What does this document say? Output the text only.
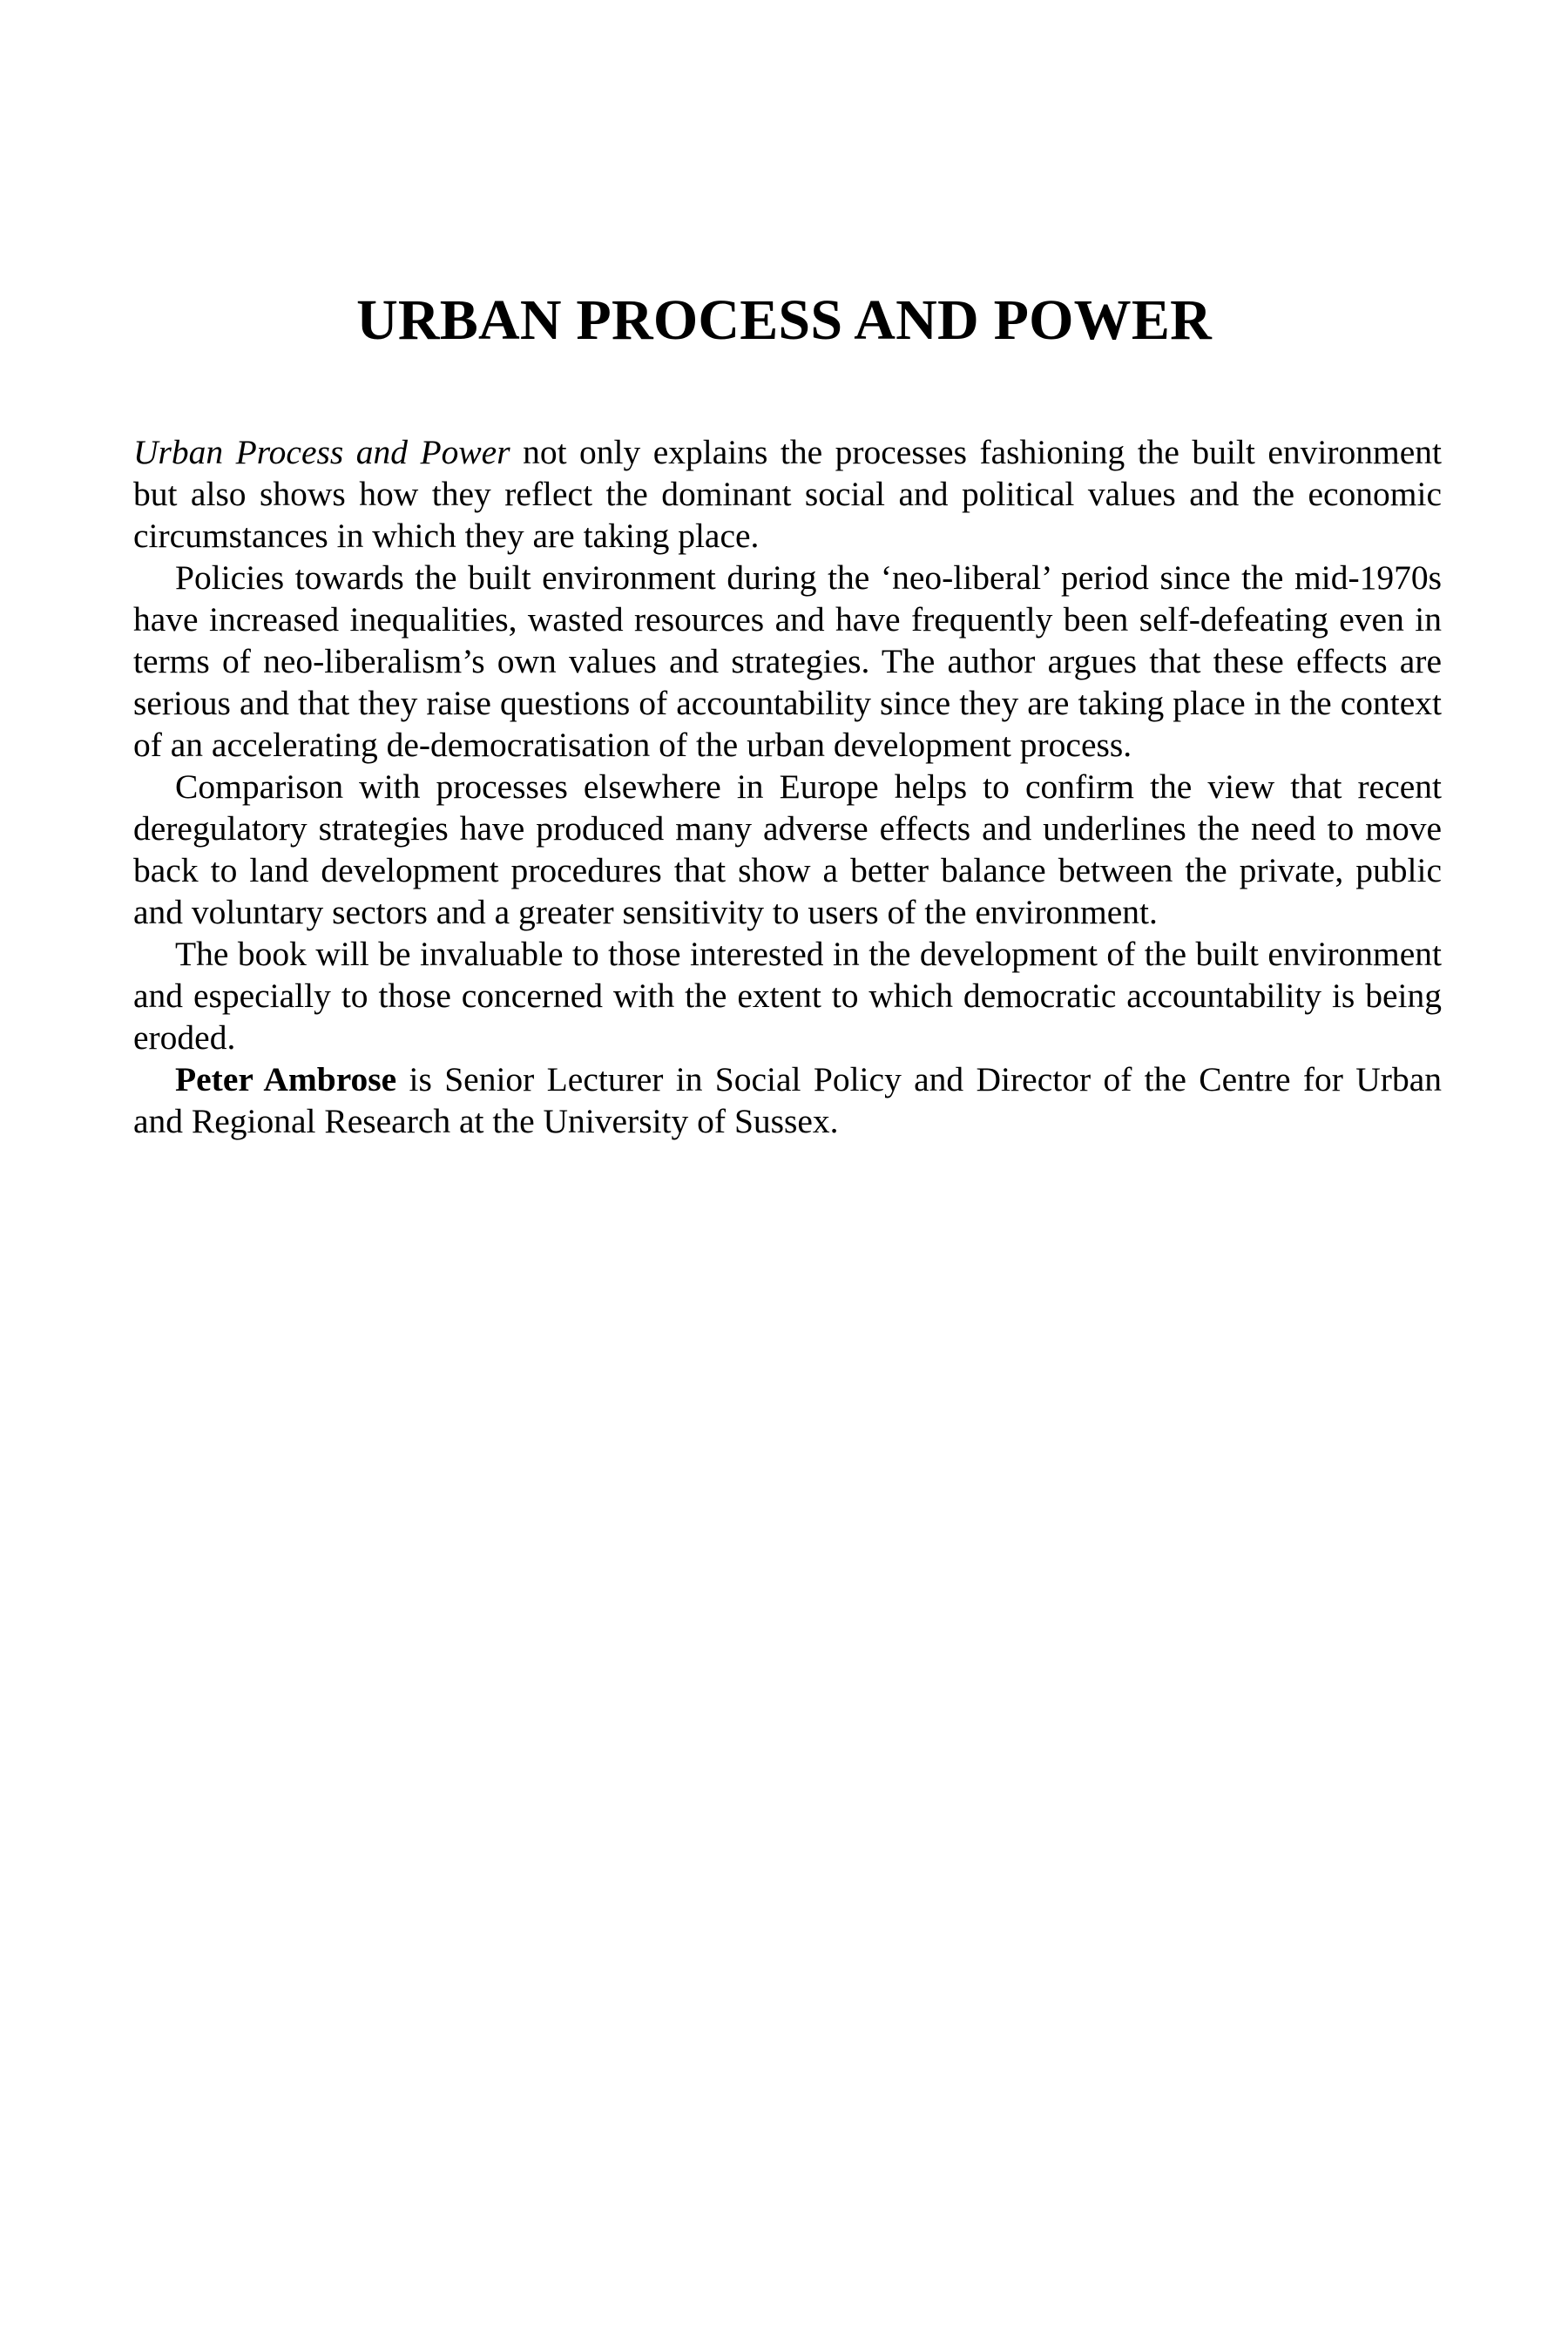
URBAN PROCESS AND POWER

Urban Process and Power not only explains the processes fashioning the built environment but also shows how they reflect the dominant social and political values and the economic circumstances in which they are taking place.

Policies towards the built environment during the ‘neo-liberal’ period since the mid-1970s have increased inequalities, wasted resources and have frequently been self-defeating even in terms of neo-liberalism’s own values and strategies. The author argues that these effects are serious and that they raise questions of accountability since they are taking place in the context of an accelerating de-democratisation of the urban development process.

Comparison with processes elsewhere in Europe helps to confirm the view that recent deregulatory strategies have produced many adverse effects and underlines the need to move back to land development procedures that show a better balance between the private, public and voluntary sectors and a greater sensitivity to users of the environment.

The book will be invaluable to those interested in the development of the built environment and especially to those concerned with the extent to which democratic accountability is being eroded.

Peter Ambrose is Senior Lecturer in Social Policy and Director of the Centre for Urban and Regional Research at the University of Sussex.
